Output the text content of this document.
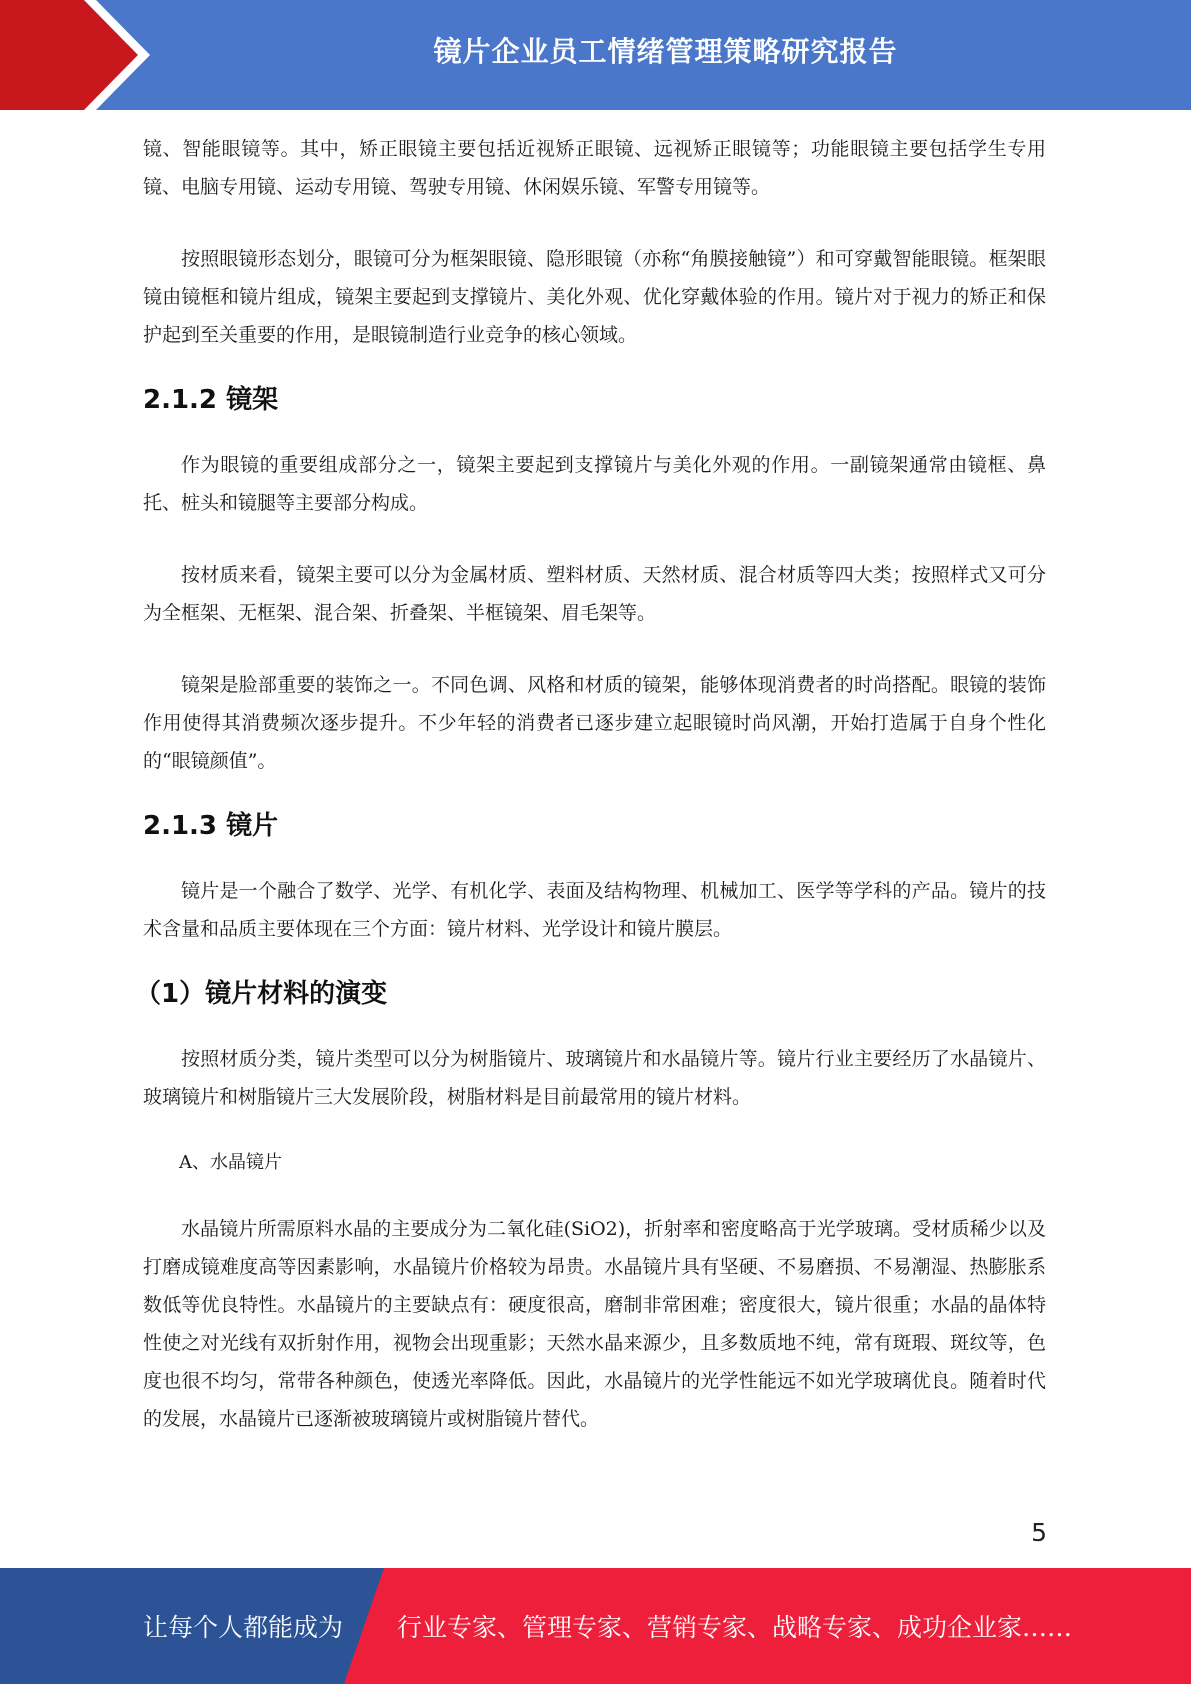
镜片企业员工情绪管理策略研究报告

镜、智能眼镜等。其中，矫正眼镜主要包括近视矫正眼镜、远视矫正眼镜等；功能眼镜主要包括学生专用镜、电脑专用镜、运动专用镜、驾驶专用镜、休闲娱乐镜、军警专用镜等。

按照眼镜形态划分，眼镜可分为框架眼镜、隐形眼镜（亦称“角膜接触镜”）和可穿戴智能眼镜。框架眼镜由镜框和镜片组成，镜架主要起到支撑镜片、美化外观、优化穿戴体验的作用。镜片对于视力的矫正和保护起到至关重要的作用，是眼镜制造行业竞争的核心领域。

2.1.2 镜架

作为眼镜的重要组成部分之一，镜架主要起到支撑镜片与美化外观的作用。一副镜架通常由镜框、鼻托、桩头和镜腿等主要部分构成。

按材质来看，镜架主要可以分为金属材质、塑料材质、天然材质、混合材质等四大类；按照样式又可分为全框架、无框架、混合架、折叠架、半框镜架、眉毛架等。

镜架是脸部重要的装饰之一。不同色调、风格和材质的镜架，能够体现消费者的时尚搭配。眼镜的装饰作用使得其消费频次逐步提升。不少年轻的消费者已逐步建立起眼镜时尚风潮，开始打造属于自身个性化的“眼镜颜值”。

2.1.3 镜片

镜片是一个融合了数学、光学、有机化学、表面及结构物理、机械加工、医学等学科的产品。镜片的技术含量和品质主要体现在三个方面：镜片材料、光学设计和镜片膜层。

（1）镜片材料的演变

按照材质分类，镜片类型可以分为树脂镜片、玻璃镜片和水晶镜片等。镜片行业主要经历了水晶镜片、玻璃镜片和树脂镜片三大发展阶段，树脂材料是目前最常用的镜片材料。

A、水晶镜片

水晶镜片所需原料水晶的主要成分为二氧化硅(SiO2)，折射率和密度略高于光学玻璃。受材质稀少以及打磨成镜难度高等因素影响，水晶镜片价格较为昂贵。水晶镜片具有坚硬、不易磨损、不易潮湿、热膨胀系数低等优良特性。水晶镜片的主要缺点有：硬度很高，磨制非常困难；密度很大，镜片很重；水晶的晶体特性使之对光线有双折射作用，视物会出现重影；天然水晶来源少，且多数质地不纯，常有斑瑕、斑纹等，色度也很不均匀，常带各种颜色，使透光率降低。因此，水晶镜片的光学性能远不如光学玻璃优良。随着时代的发展，水晶镜片已逐渐被玻璃镜片或树脂镜片替代。

5
让每个人都能成为 行业专家、管理专家、营销专家、战略专家、成功企业家……
